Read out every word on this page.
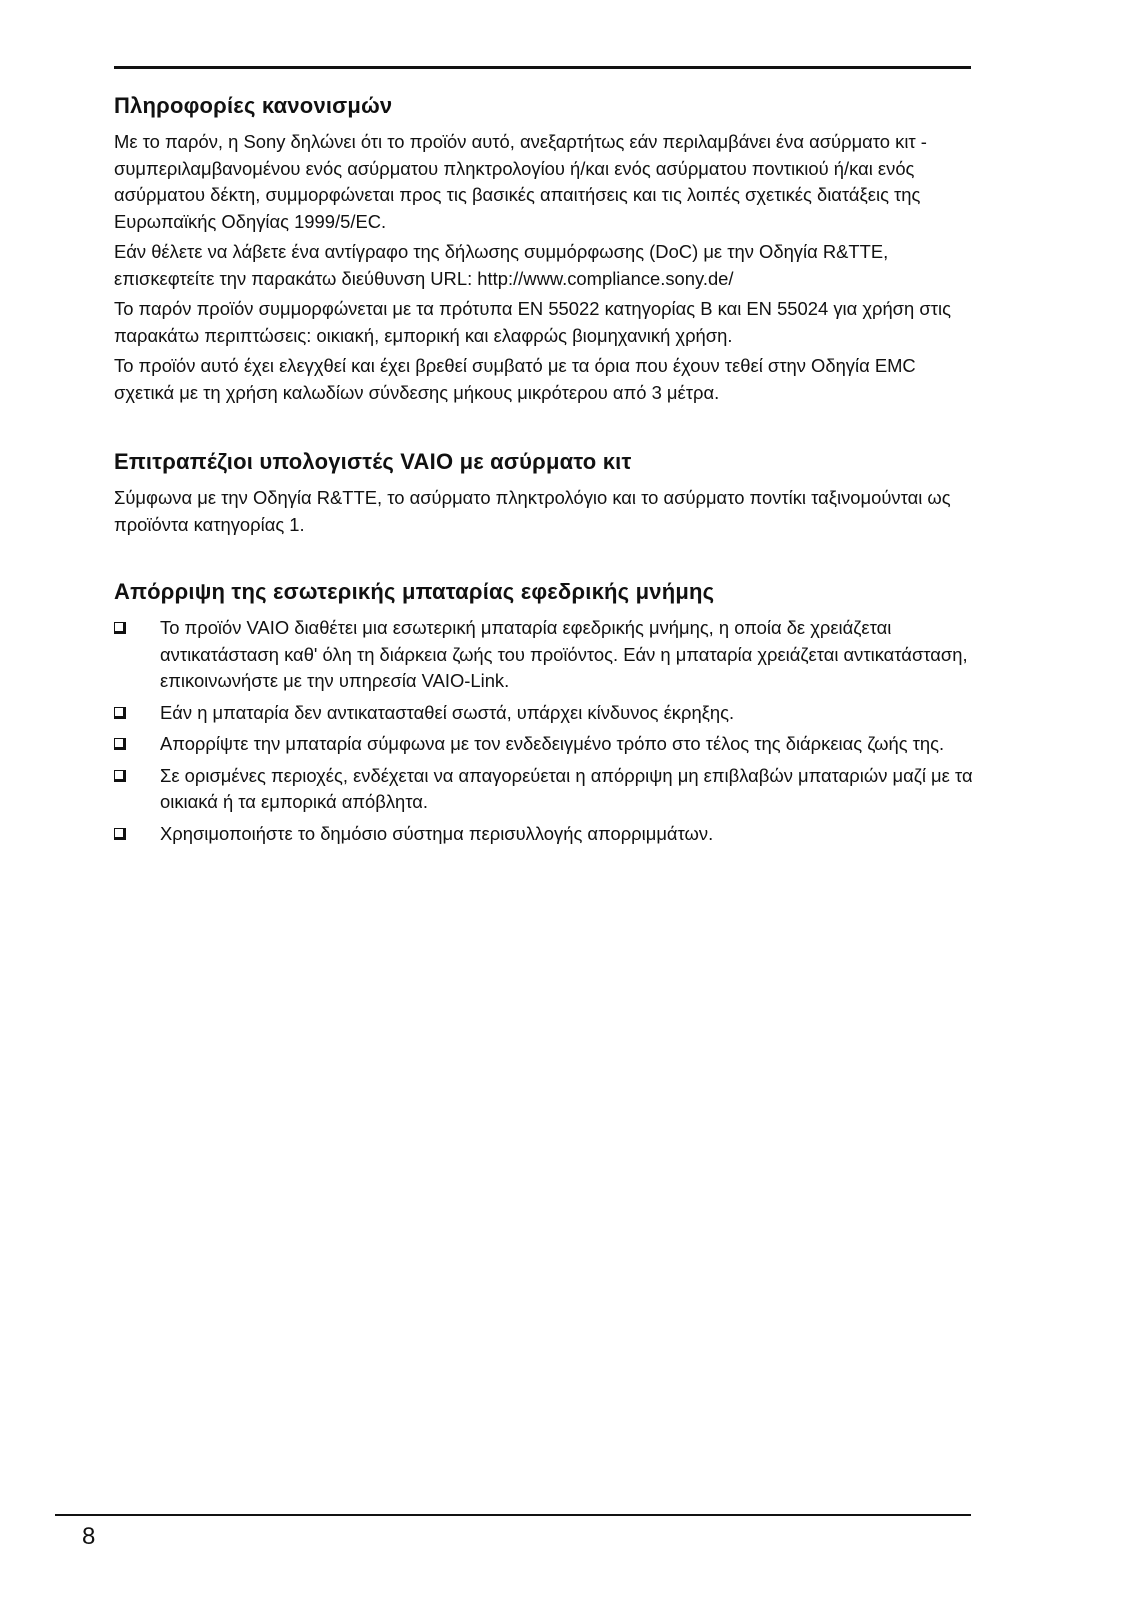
Πληροφορίες κανονισμών

Με το παρόν, η Sony δηλώνει ότι το προϊόν αυτό, ανεξαρτήτως εάν περιλαμβάνει ένα ασύρματο κιτ - συμπεριλαμβανομένου ενός ασύρματου πληκτρολογίου ή/και ενός ασύρματου ποντικιού ή/και ενός ασύρματου δέκτη, συμμορφώνεται προς τις βασικές απαιτήσεις και τις λοιπές σχετικές διατάξεις της Ευρωπαϊκής Οδηγίας 1999/5/EC.

Εάν θέλετε να λάβετε ένα αντίγραφο της δήλωσης συμμόρφωσης (DoC) με την Οδηγία R&TTE, επισκεφτείτε την παρακάτω διεύθυνση URL: http://www.compliance.sony.de/

Το παρόν προϊόν συμμορφώνεται με τα πρότυπα EN 55022 κατηγορίας B και EN 55024 για χρήση στις παρακάτω περιπτώσεις: οικιακή, εμπορική και ελαφρώς βιομηχανική χρήση.

Το προϊόν αυτό έχει ελεγχθεί και έχει βρεθεί συμβατό με τα όρια που έχουν τεθεί στην Οδηγία EMC σχετικά με τη χρήση καλωδίων σύνδεσης μήκους μικρότερου από 3 μέτρα.

Επιτραπέζιοι υπολογιστές VAIO με ασύρματο κιτ

Σύμφωνα με την Οδηγία R&TTE, το ασύρματο πληκτρολόγιο και το ασύρματο ποντίκι ταξινομούνται ως προϊόντα κατηγορίας 1.

Απόρριψη της εσωτερικής μπαταρίας εφεδρικής μνήμης
Το προϊόν VAIO διαθέτει μια εσωτερική μπαταρία εφεδρικής μνήμης, η οποία δε χρειάζεται αντικατάσταση καθ' όλη τη διάρκεια ζωής του προϊόντος. Εάν η μπαταρία χρειάζεται αντικατάσταση, επικοινωνήστε με την υπηρεσία VAIO-Link.
Εάν η μπαταρία δεν αντικατασταθεί σωστά, υπάρχει κίνδυνος έκρηξης.
Απορρίψτε την μπαταρία σύμφωνα με τον ενδεδειγμένο τρόπο στο τέλος της διάρκειας ζωής της.
Σε ορισμένες περιοχές, ενδέχεται να απαγορεύεται η απόρριψη μη επιβλαβών μπαταριών μαζί με τα οικιακά ή τα εμπορικά απόβλητα.
Χρησιμοποιήστε το δημόσιο σύστημα περισυλλογής απορριμμάτων.
8
